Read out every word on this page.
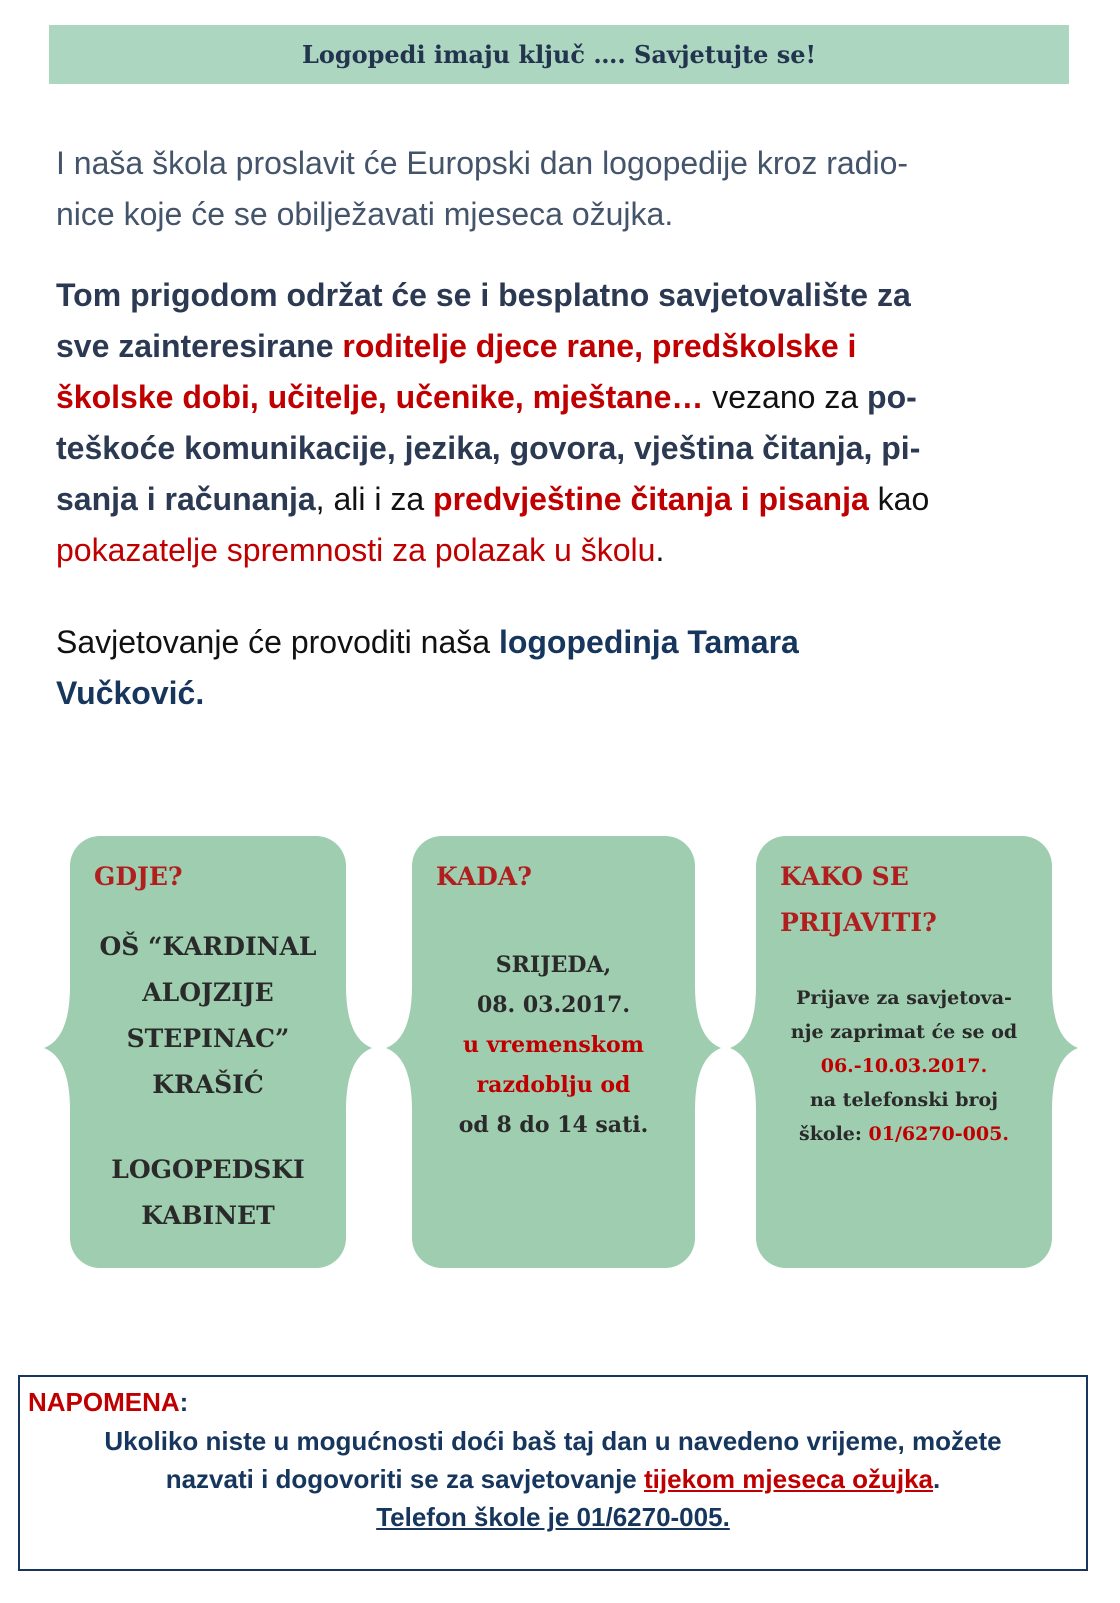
Logopedi imaju ključ …. Savjetujte se!
I naša škola proslavit će Europski dan logopedije kroz radio-
nice koje će se obilježavati mjeseca ožujka.
Tom prigodom održat će se i besplatno savjetovalište za
sve zainteresirane roditelje djece rane, predškolske i
školske dobi, učitelje, učenike, mještane… vezano za po-
teškoće komunikacije, jezika, govora, vještina čitanja, pi-
sanja i računanja, ali i za predvještine čitanja i pisanja kao
pokazatelje spremnosti za polazak u školu.
Savjetovanje će provoditi naša logopedinja Tamara
Vučković.
GDJE?
OŠ “KARDINAL
ALOJZIJE
STEPINAC”
KRAŠIĆ
LOGOPEDSKI
KABINET
KADA?
SRIJEDA,
08. 03.2017.
u vremenskom
razdoblju od
od 8 do 14 sati.
KAKO SE
PRIJAVITI?
Prijave za savjetova-
nje zaprimat će se od
06.-10.03.2017.
na telefonski broj
škole: 01/6270-005.
NAPOMENA:
Ukoliko niste u mogućnosti doći baš taj dan u navedeno vrijeme, možete
nazvati i dogovoriti se za savjetovanje tijekom mjeseca ožujka.
Telefon škole je 01/6270-005.
